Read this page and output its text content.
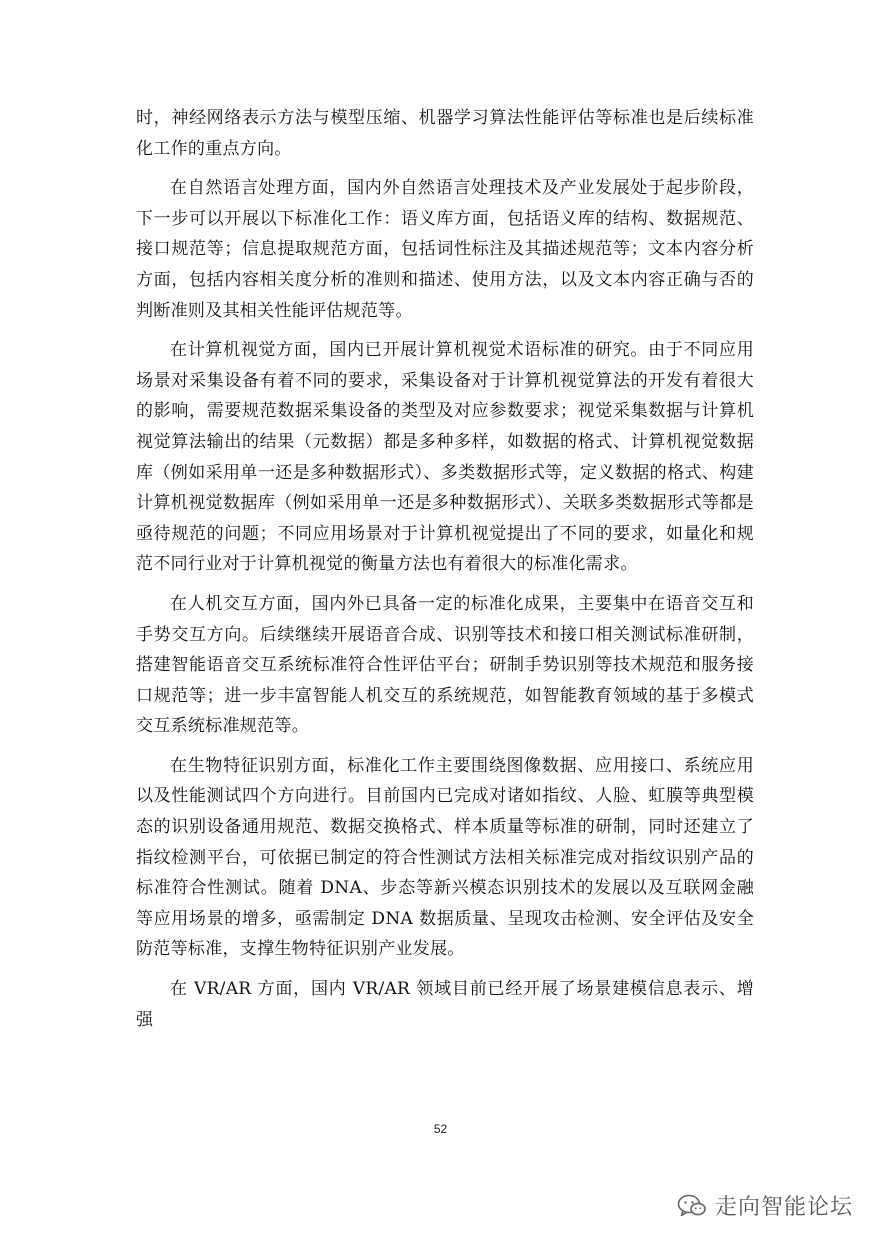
时，神经网络表示方法与模型压缩、机器学习算法性能评估等标准也是后续标准化工作的重点方向。

在自然语言处理方面，国内外自然语言处理技术及产业发展处于起步阶段，下一步可以开展以下标准化工作：语义库方面，包括语义库的结构、数据规范、接口规范等；信息提取规范方面，包括词性标注及其描述规范等；文本内容分析方面，包括内容相关度分析的准则和描述、使用方法，以及文本内容正确与否的判断准则及其相关性能评估规范等。

在计算机视觉方面，国内已开展计算机视觉术语标准的研究。由于不同应用场景对采集设备有着不同的要求，采集设备对于计算机视觉算法的开发有着很大的影响，需要规范数据采集设备的类型及对应参数要求；视觉采集数据与计算机视觉算法输出的结果（元数据）都是多种多样，如数据的格式、计算机视觉数据库（例如采用单一还是多种数据形式）、多类数据形式等，定义数据的格式、构建计算机视觉数据库（例如采用单一还是多种数据形式）、关联多类数据形式等都是亟待规范的问题；不同应用场景对于计算机视觉提出了不同的要求，如量化和规范不同行业对于计算机视觉的衡量方法也有着很大的标准化需求。

在人机交互方面，国内外已具备一定的标准化成果，主要集中在语音交互和手势交互方向。后续继续开展语音合成、识别等技术和接口相关测试标准研制，搭建智能语音交互系统标准符合性评估平台；研制手势识别等技术规范和服务接口规范等；进一步丰富智能人机交互的系统规范，如智能教育领域的基于多模式交互系统标准规范等。

在生物特征识别方面，标准化工作主要围绕图像数据、应用接口、系统应用以及性能测试四个方向进行。目前国内已完成对诸如指纹、人脸、虹膜等典型模态的识别设备通用规范、数据交换格式、样本质量等标准的研制，同时还建立了指纹检测平台，可依据已制定的符合性测试方法相关标准完成对指纹识别产品的标准符合性测试。随着 DNA、步态等新兴模态识别技术的发展以及互联网金融等应用场景的增多，亟需制定 DNA 数据质量、呈现攻击检测、安全评估及安全防范等标准，支撑生物特征识别产业发展。

在 VR/AR 方面，国内 VR/AR 领域目前已经开展了场景建模信息表示、增强

52
走向智能论坛
